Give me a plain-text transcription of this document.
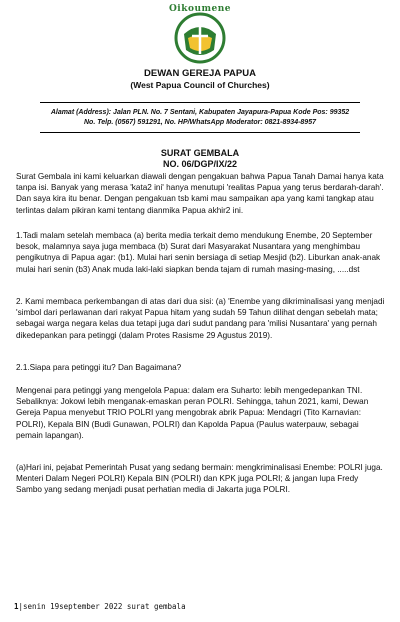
Oikoumene
DEWAN GEREJA PAPUA
(West Papua Council of Churches)
Alamat (Address): Jalan PLN. No. 7 Sentani, Kabupaten Jayapura-Papua Kode Pos: 99352
No. Telp. (0567) 591291, No. HP/WhatsApp Moderator: 0821-8934-8957
SURAT GEMBALA
NO. 06/DGP/IX/22
Surat Gembala ini kami keluarkan diawali dengan pengakuan bahwa Papua Tanah Damai hanya kata tanpa isi. Banyak yang merasa 'kata2 ini' hanya menutupi 'realitas Papua yang terus berdarah-darah'. Dan saya kira itu benar. Dengan pengakuan tsb kami mau sampaikan apa yang kami tangkap atau terlintas dalam pikiran kami tentang dianmika Papua akhir2 ini.
1.Tadi malam setelah membaca (a) berita media terkait demo mendukung Enembe, 20 September besok, malamnya saya juga membaca (b) Surat dari Masyarakat Nusantara yang menghimbau pengikutnya di Papua agar: (b1). Mulai hari senin bersiaga di setiap Mesjid (b2). Liburkan anak-anak mulai hari senin (b3) Anak muda laki-laki siapkan benda tajam di rumah masing-masing, .....dst
2. Kami membaca perkembangan di atas dari dua sisi: (a) 'Enembe yang dikriminalisasi yang menjadi 'simbol dari perlawanan dari rakyat Papua hitam yang sudah 59 Tahun dilihat dengan sebelah mata; sebagai warga negara kelas dua tetapi juga dari sudut pandang para 'milisi Nusantara' yang pernah dikedepankan para petinggi (dalam Protes Rasisme 29 Agustus 2019).
2.1.Siapa para petinggi itu? Dan Bagaimana?
Mengenai para petinggi yang mengelola Papua: dalam era Suharto: lebih mengedepankan TNI. Sebaliknya: Jokowi lebih menganak-emaskan peran POLRI. Sehingga, tahun 2021, kami, Dewan Gereja Papua menyebut TRIO POLRI yang mengobrak abrik Papua: Mendagri (Tito Karnavian: POLRI), Kepala BIN (Budi Gunawan, POLRI) dan Kapolda Papua (Paulus waterpauw, sebagai pemain lapangan).
(a)Hari ini, pejabat Pemerintah Pusat yang sedang bermain: mengkriminalisasi Enembe: POLRI juga. Menteri Dalam Negeri POLRI) Kepala BIN (POLRI) dan KPK juga POLRI; & jangan lupa Fredy Sambo yang sedang menjadi pusat perhatian media di Jakarta juga POLRI.
1|senin 19september 2022 surat gembala
